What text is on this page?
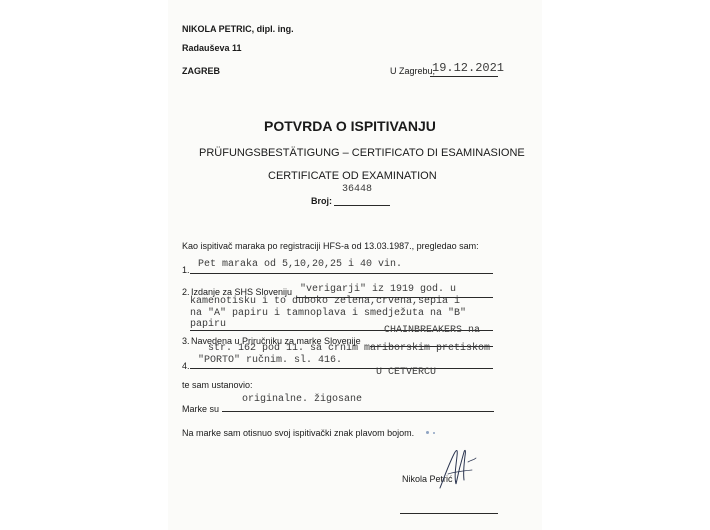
NIKOLA PETRIC, dipl. ing.
Radauševa 11
ZAGREB	U Zagrebu,
19.12.2021
POTVRDA O ISPITIVANJU
PRÜFUNGSBESTÄTIGUNG – CERTIFICATO DI ESAMINASIONE
CERTIFICATE OD EXAMINATION
36448
Broj:
Kao ispitivač maraka po registraciji HFS-a od 13.03.1987., pregledao sam:
1. Pet maraka od 5,10,20,25 i 40 vin.
2. Izdanje za SHS Sloveniju "verigarji" iz 1919 god. u
kamenotisku i to duboko zelena,crvena,sepia i
na "A" papiru i tamnoplava i smedježuta na "B"
papiru
3. Navedena u Priručniku za marke Slovenije
CHAINBREAKERS na
str. 162 pod 11. sa crnim mariborskim pretiskom
4. "PORTO" ručnim. sl. 416.
U CETVERCU
te sam ustanovio:
originalne. žigosane
Marke su
Na marke sam otisnuo svoj ispitivački znak plavom bojom.
Nikola Petrić
